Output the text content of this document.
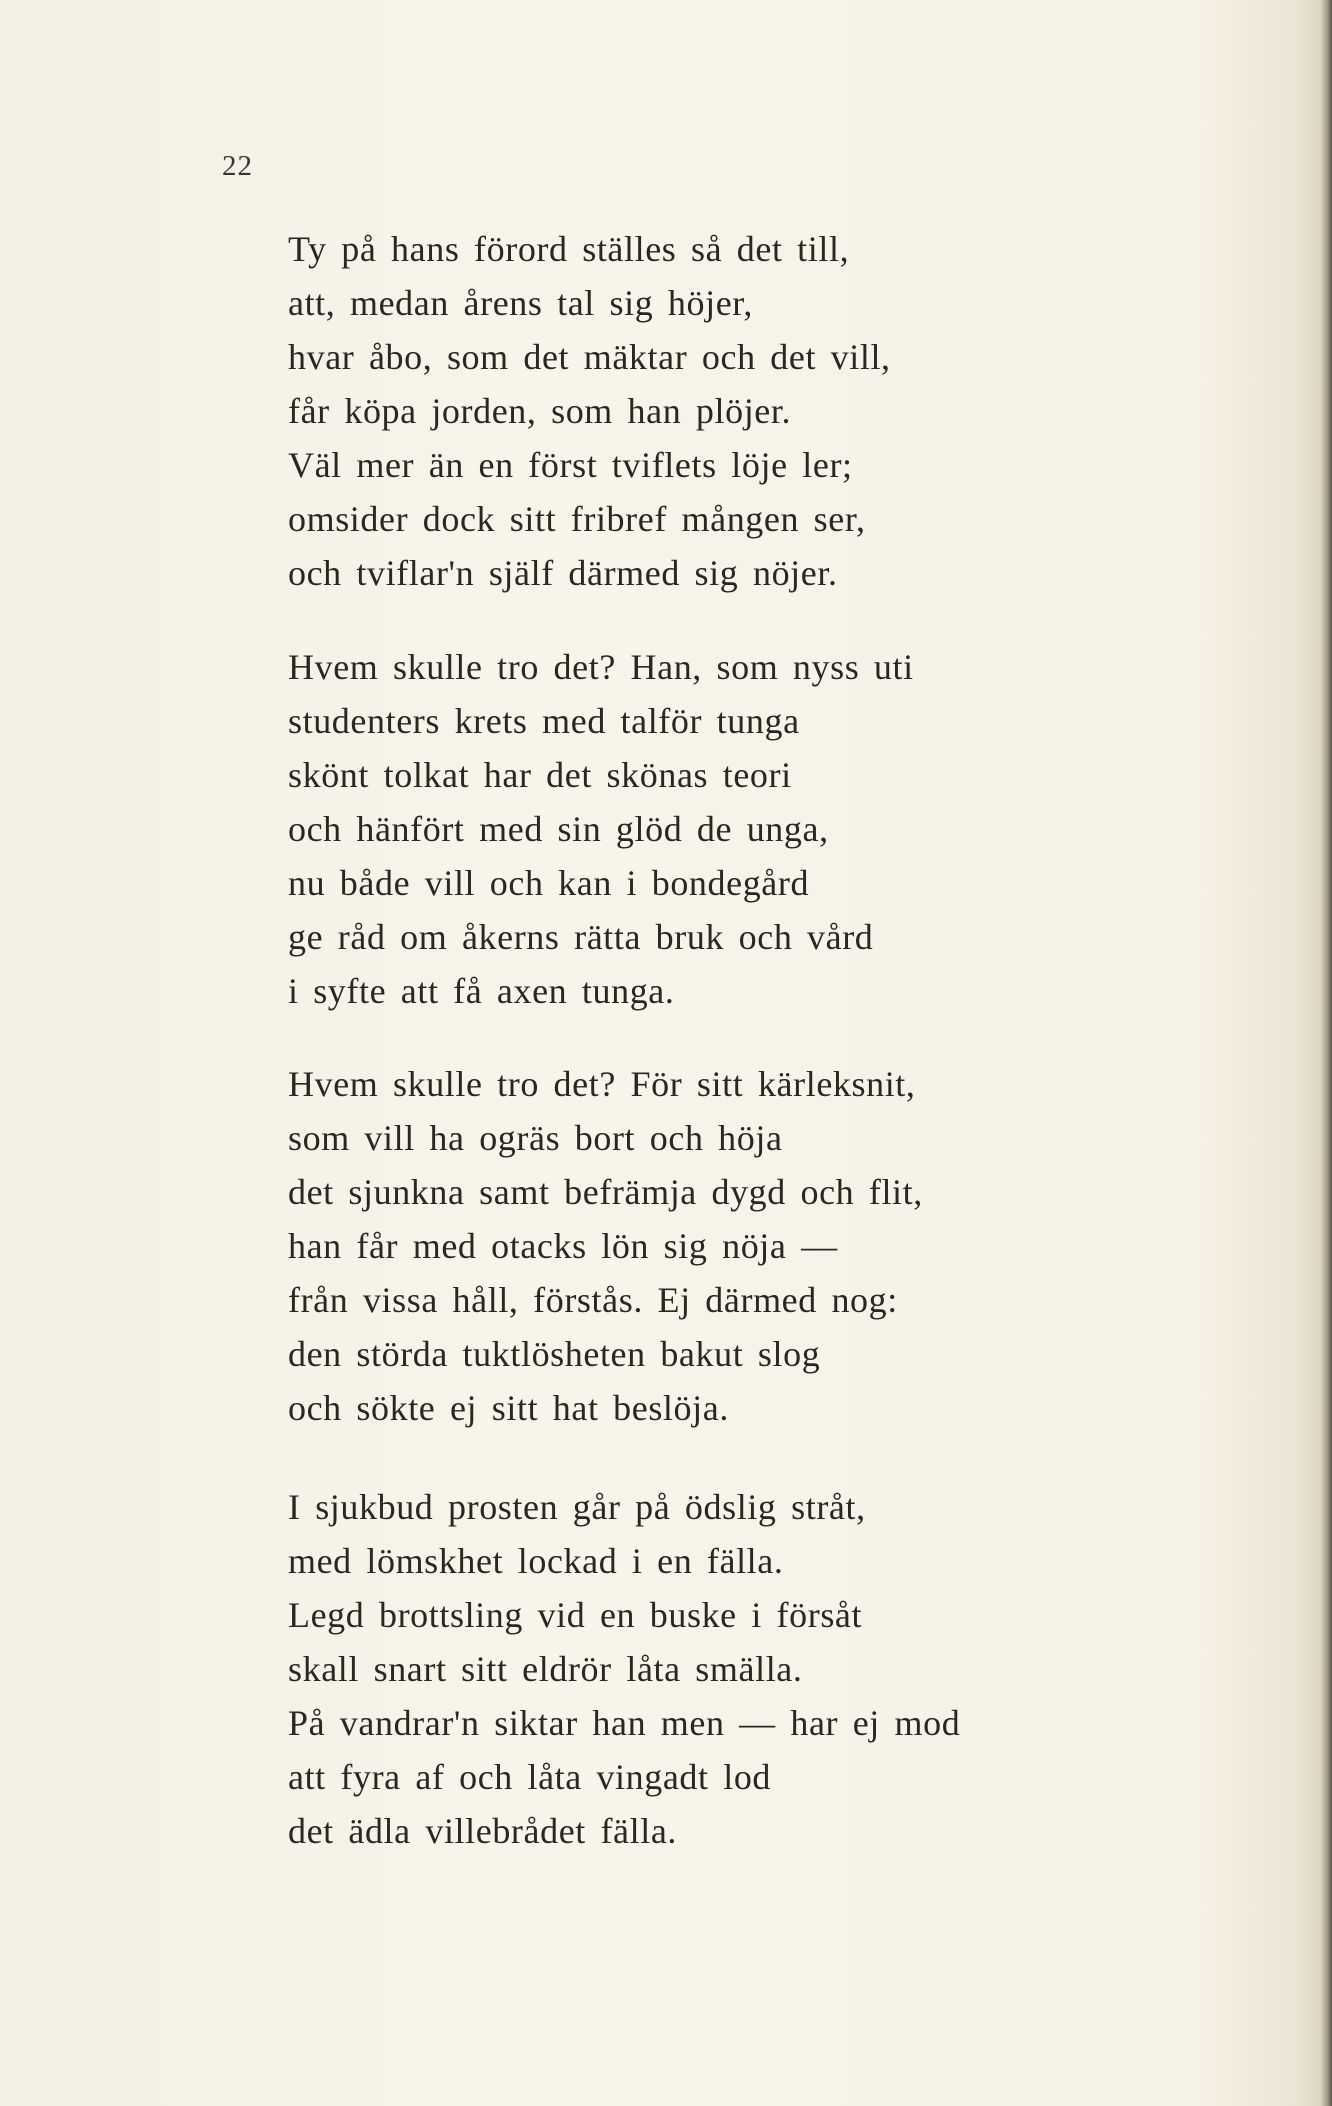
22
Ty på hans förord ställes så det till,
att, medan årens tal sig höjer,
hvar åbo, som det mäktar och det vill,
får köpa jorden, som han plöjer.
Väl mer än en först tviflets löje ler;
omsider dock sitt fribref mången ser,
och tviflar'n själf därmed sig nöjer.
Hvem skulle tro det? Han, som nyss uti
studenters krets med talför tunga
skönt tolkat har det skönas teori
och hänfört med sin glöd de unga,
nu både vill och kan i bondegård
ge råd om åkerns rätta bruk och vård
i syfte att få axen tunga.
Hvem skulle tro det? För sitt kärleksnit,
som vill ha ogräs bort och höja
det sjunkna samt befrämja dygd och flit,
han får med otacks lön sig nöja —
från vissa håll, förstås. Ej därmed nog:
den störda tuktlösheten bakut slog
och sökte ej sitt hat beslöja.
I sjukbud prosten går på ödslig stråt,
med lömskhet lockad i en fälla.
Legd brottsling vid en buske i försåt
skall snart sitt eldrör låta smälla.
På vandrar'n siktar han men — har ej mod
att fyra af och låta vingadt lod
det ädla villebrådet fälla.
